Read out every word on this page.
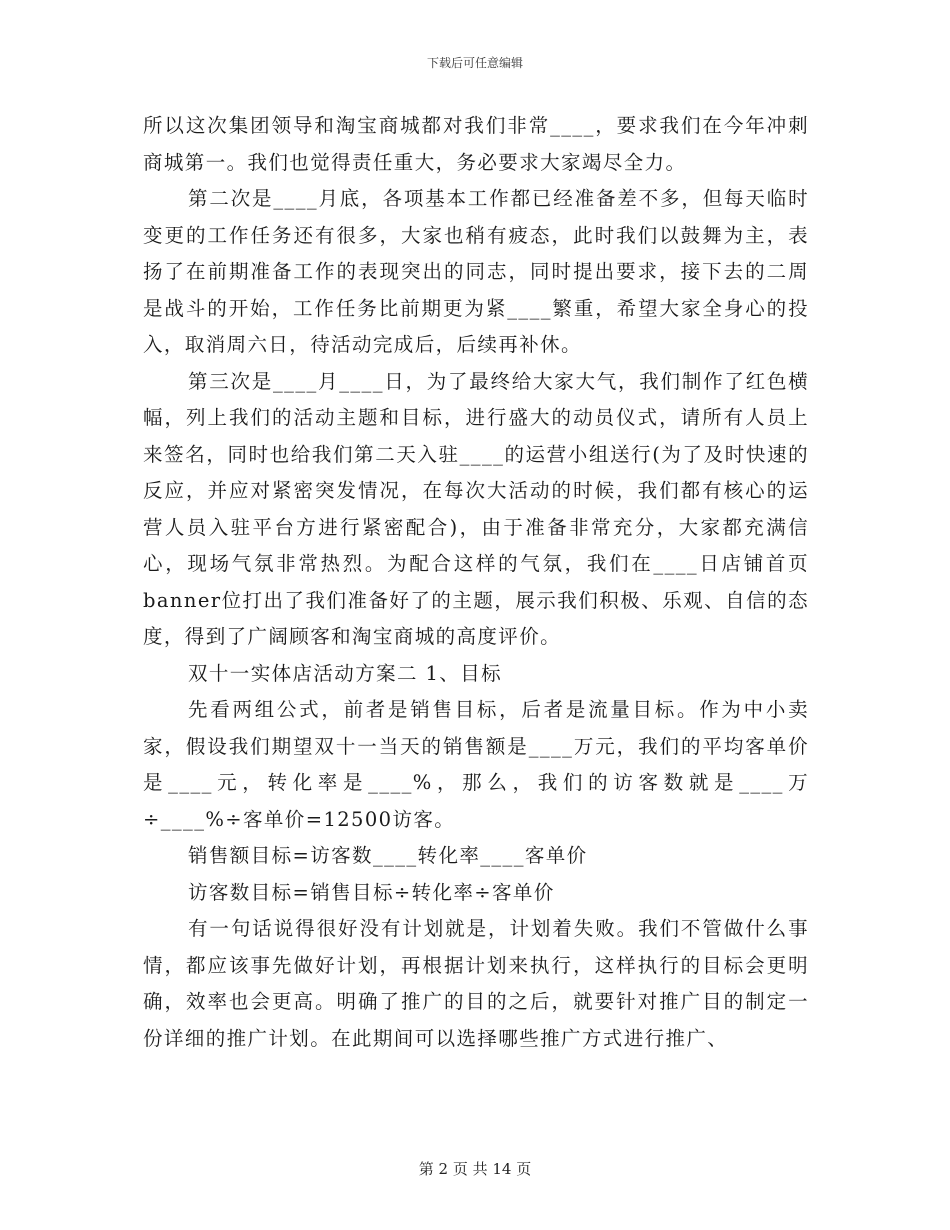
下载后可任意编辑

所以这次集团领导和淘宝商城都对我们非常____，要求我们在今年冲刺商城第一。我们也觉得责任重大，务必要求大家竭尽全力。

第二次是____月底，各项基本工作都已经准备差不多，但每天临时变更的工作任务还有很多，大家也稍有疲态，此时我们以鼓舞为主，表扬了在前期准备工作的表现突出的同志，同时提出要求，接下去的二周是战斗的开始，工作任务比前期更为紧____繁重，希望大家全身心的投入，取消周六日，待活动完成后，后续再补休。

第三次是____月____日，为了最终给大家大气，我们制作了红色横幅，列上我们的活动主题和目标，进行盛大的动员仪式，请所有人员上来签名，同时也给我们第二天入驻____的运营小组送行(为了及时快速的反应，并应对紧密突发情况，在每次大活动的时候，我们都有核心的运营人员入驻平台方进行紧密配合)，由于准备非常充分，大家都充满信心，现场气氛非常热烈。为配合这样的气氛，我们在____日店铺首页banner位打出了我们准备好了的主题，展示我们积极、乐观、自信的态度，得到了广阔顾客和淘宝商城的高度评价。

双十一实体店活动方案二 1、目标

先看两组公式，前者是销售目标，后者是流量目标。作为中小卖家，假设我们期望双十一当天的销售额是____万元，我们的平均客单价是____元，转化率是____%，那么，我们的访客数就是____万÷____%÷客单价=12500访客。

销售额目标=访客数____转化率____客单价

访客数目标=销售目标÷转化率÷客单价

有一句话说得很好没有计划就是，计划着失败。我们不管做什么事情，都应该事先做好计划，再根据计划来执行，这样执行的目标会更明确，效率也会更高。明确了推广的目的之后，就要针对推广目的制定一份详细的推广计划。在此期间可以选择哪些推广方式进行推广、

第 2 页 共 14 页
